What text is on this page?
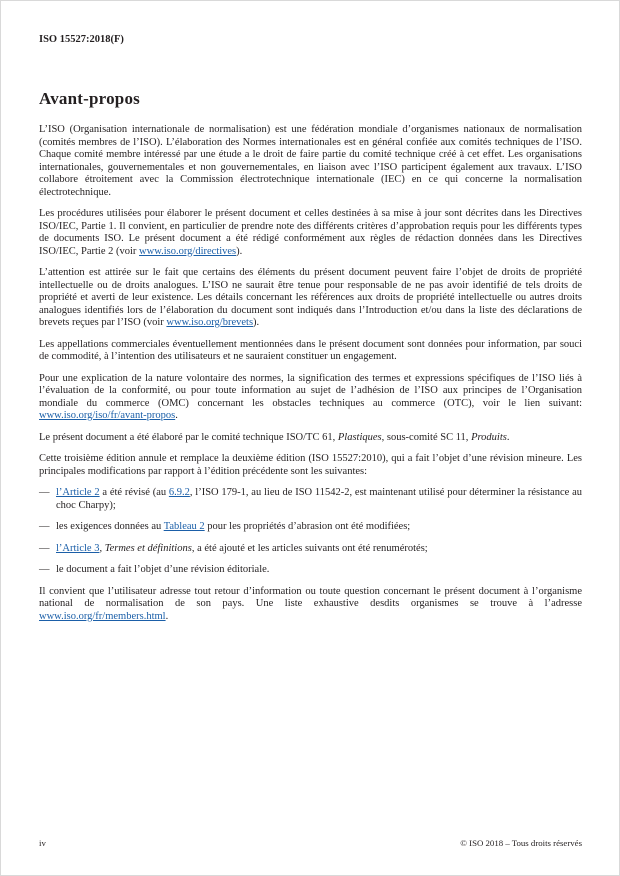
ISO 15527:2018(F)
Avant-propos

L’ISO (Organisation internationale de normalisation) est une fédération mondiale d’organismes nationaux de normalisation (comités membres de l’ISO). L’élaboration des Normes internationales est en général confiée aux comités techniques de l’ISO. Chaque comité membre intéressé par une étude a le droit de faire partie du comité technique créé à cet effet. Les organisations internationales, gouvernementales et non gouvernementales, en liaison avec l’ISO participent également aux travaux. L’ISO collabore étroitement avec la Commission électrotechnique internationale (IEC) en ce qui concerne la normalisation électrotechnique.

Les procédures utilisées pour élaborer le présent document et celles destinées à sa mise à jour sont décrites dans les Directives ISO/IEC, Partie 1. Il convient, en particulier de prendre note des différents critères d’approbation requis pour les différents types de documents ISO. Le présent document a été rédigé conformément aux règles de rédaction données dans les Directives ISO/IEC, Partie 2 (voir www.iso.org/directives).

L’attention est attirée sur le fait que certains des éléments du présent document peuvent faire l’objet de droits de propriété intellectuelle ou de droits analogues. L’ISO ne saurait être tenue pour responsable de ne pas avoir identifié de tels droits de propriété et averti de leur existence. Les détails concernant les références aux droits de propriété intellectuelle ou autres droits analogues identifiés lors de l’élaboration du document sont indiqués dans l’Introduction et/ou dans la liste des déclarations de brevets reçues par l’ISO (voir www.iso.org/brevets).

Les appellations commerciales éventuellement mentionnées dans le présent document sont données pour information, par souci de commodité, à l’intention des utilisateurs et ne sauraient constituer un engagement.

Pour une explication de la nature volontaire des normes, la signification des termes et expressions spécifiques de l’ISO liés à l’évaluation de la conformité, ou pour toute information au sujet de l’adhésion de l’ISO aux principes de l’Organisation mondiale du commerce (OMC) concernant les obstacles techniques au commerce (OTC), voir le lien suivant: www.iso.org/iso/fr/avant-propos.

Le présent document a été élaboré par le comité technique ISO/TC 61, Plastiques, sous-comité SC 11, Produits.

Cette troisième édition annule et remplace la deuxième édition (ISO 15527:2010), qui a fait l’objet d’une révision mineure. Les principales modifications par rapport à l’édition précédente sont les suivantes:

— l’Article 2 a été révisé (au 6.9.2, l’ISO 179-1, au lieu de ISO 11542-2, est maintenant utilisé pour déterminer la résistance au choc Charpy);
— les exigences données au Tableau 2 pour les propriétés d’abrasion ont été modifiées;
— l’Article 3, Termes et définitions, a été ajouté et les articles suivants ont été renumérotés;
— le document a fait l’objet d’une révision éditoriale.

Il convient que l’utilisateur adresse tout retour d’information ou toute question concernant le présent document à l’organisme national de normalisation de son pays. Une liste exhaustive desdits organismes se trouve à l’adresse www.iso.org/fr/members.html.

iv	© ISO 2018 – Tous droits réservés
